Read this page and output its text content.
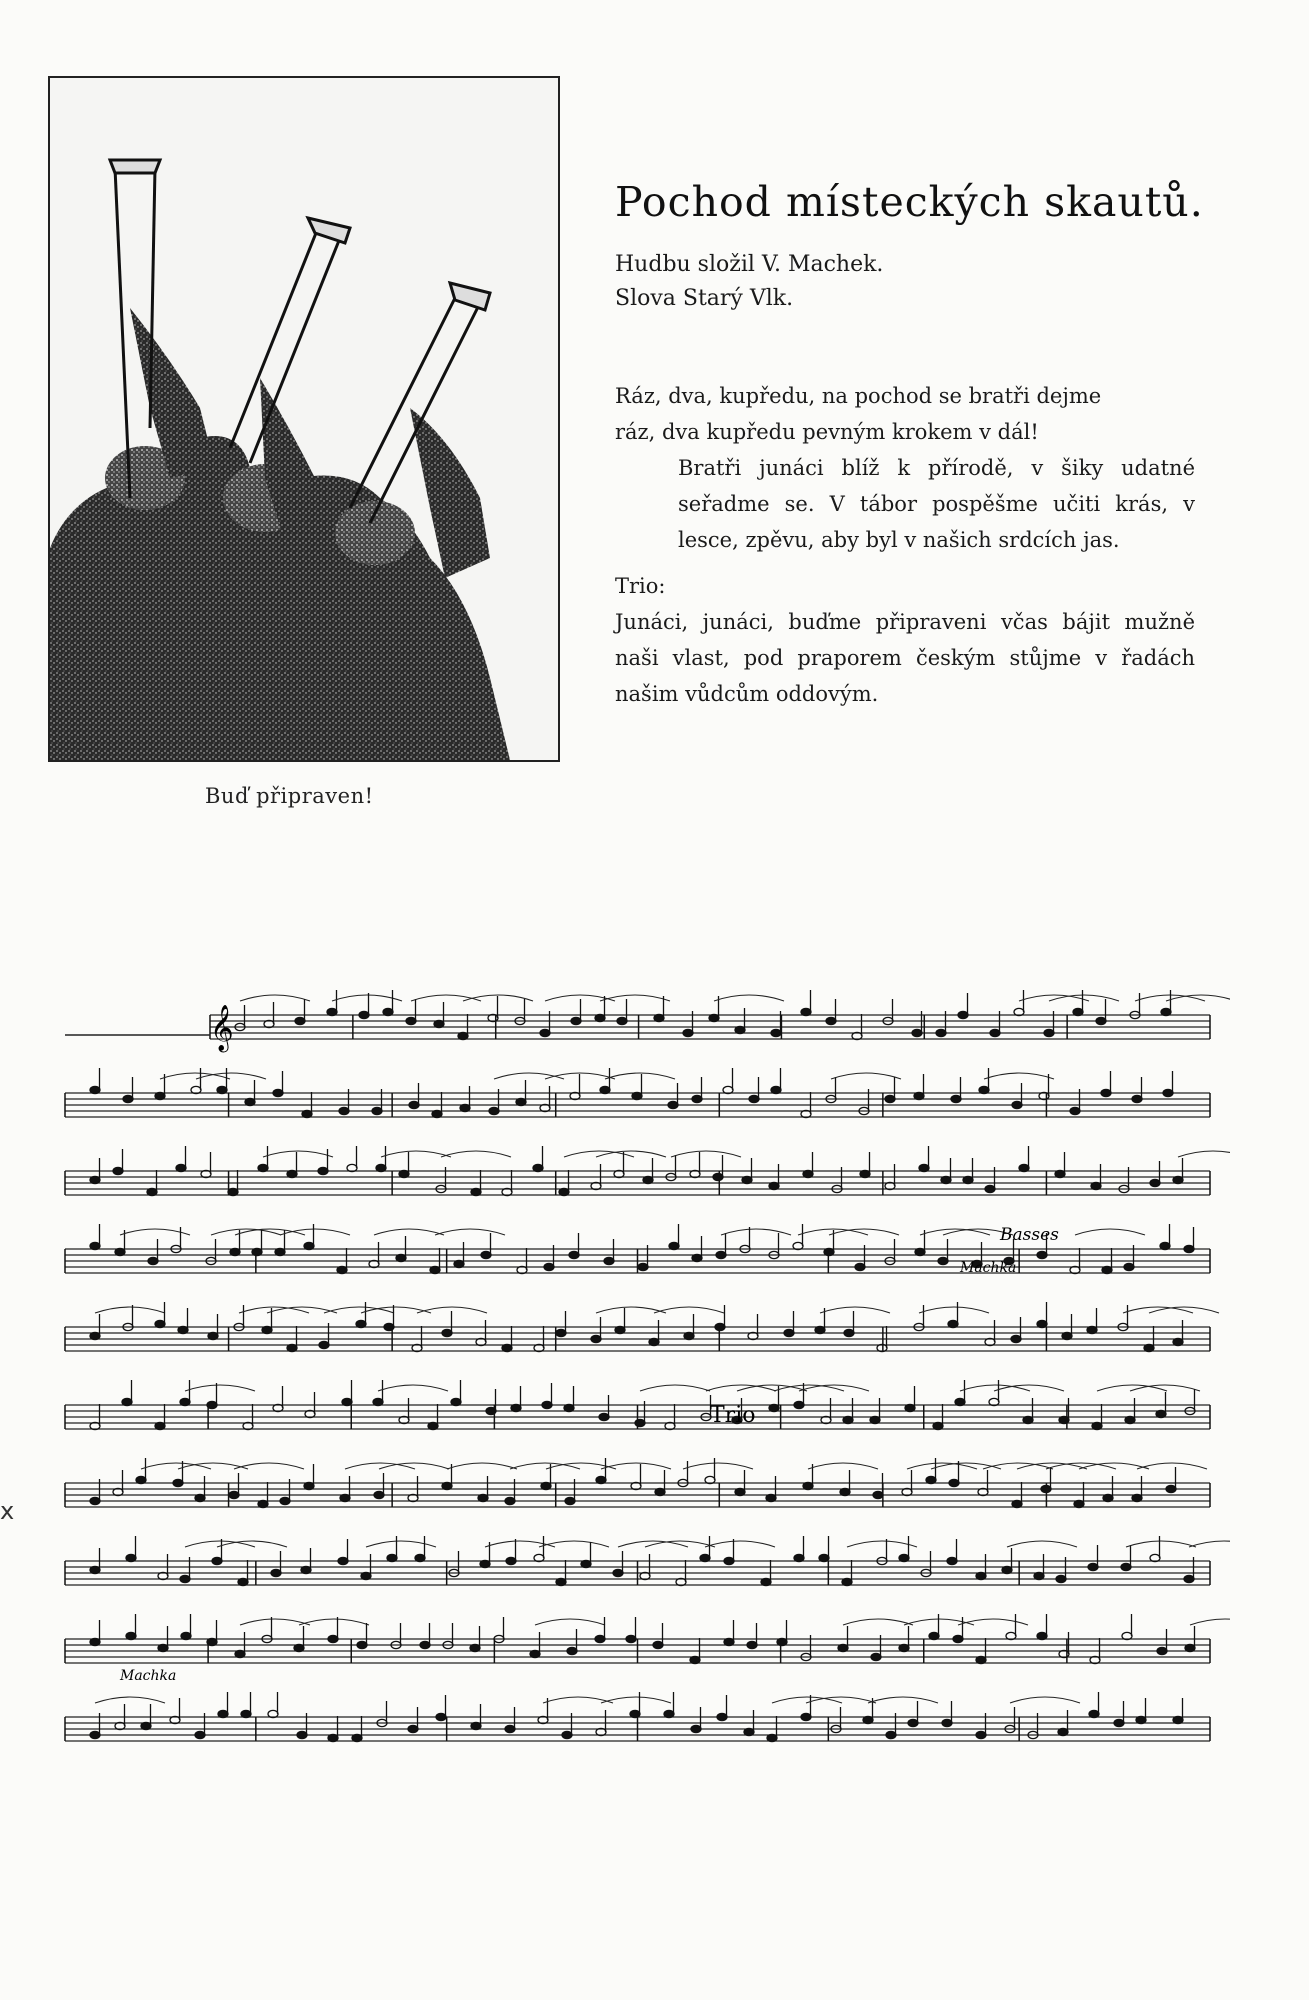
Buď připraven!
Pochod místeckých skautů.
Hudbu složil V. Machek.
Slova Starý Vlk.

Ráz, dva, kupředu, na pochod se bratři dejme

ráz, dva kupředu pevným krokem v dál!

Bratři junáci blíž k přírodě, v šiky udatné seřadme se. V tábor pospěšme učiti krás, v lesce, zpěvu, aby byl v našich srdcích jas.

Trio:

Junáci, junáci, buďme připraveni včas bájit mužně naši vlast, pod praporem českým stůjme v řadách našim vůdcům oddovým.

𝄞
Basses
Trio
Machka
Machka
x
